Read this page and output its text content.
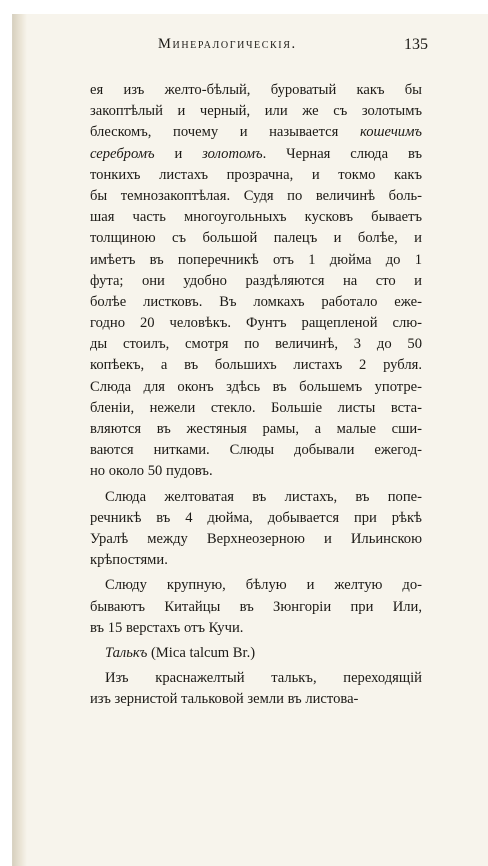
Минералогическія.	135
ея изъ желто-бѣлый, буроватый какъ бы
закоптѣлый и черный, или же съ золотымъ
блескомъ, почему и называется кошечимъ
серебромъ и золотомъ. Черная слюда въ
тонкихъ листахъ прозрачна, и токмо какъ
бы темнозакоптѣлая. Судя по величинѣ боль-
шая часть многоугольныхъ кусковъ бываетъ
толщиною съ большой палецъ и болѣе, и
имѣетъ въ поперечникѣ отъ 1 дюйма до 1
фута; они удобно раздѣляются на сто и
болѣе листковъ. Въ ломкахъ работало еже-
годно 20 человѣкъ. Фунтъ ращепленой слю-
ды стоилъ, смотря по величинѣ, 3 до 50
копѣекъ, а въ большихъ листахъ 2 рубля.
Слюда для оконъ здѣсь въ большемъ употре-
бленіи, нежели стекло. Большіе листы вста-
вляются въ жестяныя рамы, а малые сши-
ваются нитками. Слюды добывали ежегод-
но около 50 пудовъ.
Слюда желтоватая въ листахъ, въ попе-
речникѣ въ 4 дюйма, добывается при рѣкѣ
Уралѣ между Верхнеозерною и Ильинскою
крѣпостями.
Слюду крупную, бѣлую и желтую до-
бываютъ Китайцы въ Зюнгоріи при Или,
въ 15 верстахъ отъ Кучи.
Талькъ (Mica talcum Br.)
Изъ краснажелтый талькъ, переходящій
изъ зернистой тальковой земли въ листова-
